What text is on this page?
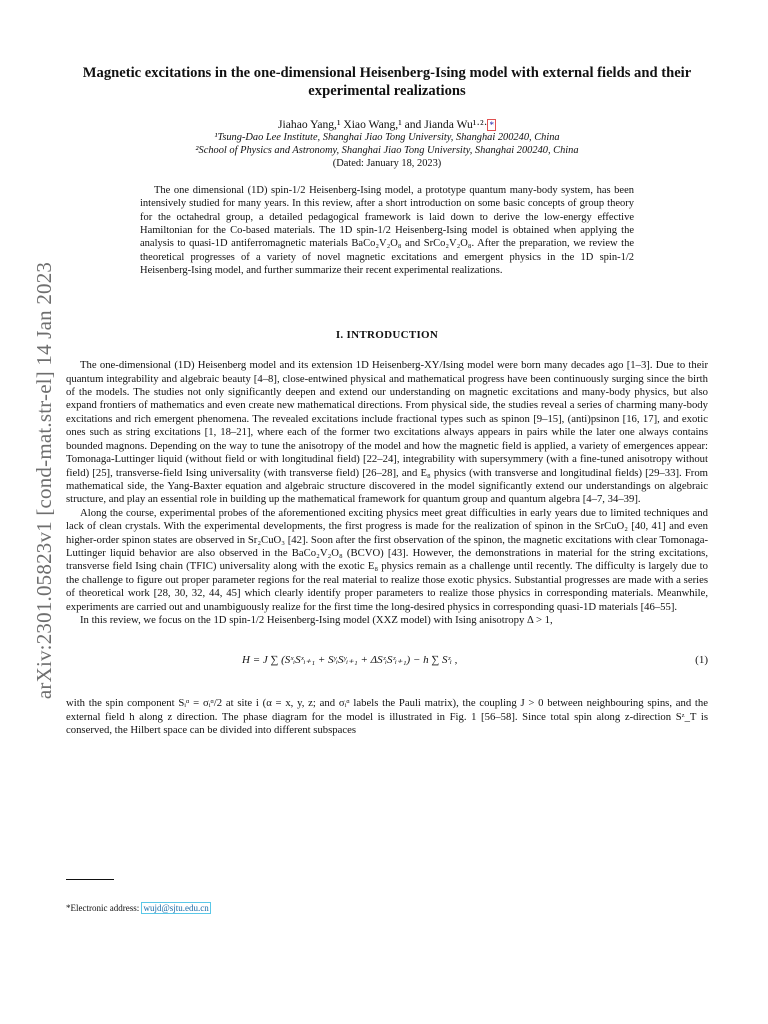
arXiv:2301.05823v1 [cond-mat.str-el] 14 Jan 2023
Magnetic excitations in the one-dimensional Heisenberg-Ising model with external fields and their experimental realizations
Jiahao Yang,¹ Xiao Wang,¹ and Jianda Wu¹·²· *
¹Tsung-Dao Lee Institute, Shanghai Jiao Tong University, Shanghai 200240, China
²School of Physics and Astronomy, Shanghai Jiao Tong University, Shanghai 200240, China
(Dated: January 18, 2023)

The one dimensional (1D) spin-1/2 Heisenberg-Ising model, a prototype quantum many-body system, has been intensively studied for many years. In this review, after a short introduction on some basic concepts of group theory for the octahedral group, a detailed pedagogical framework is laid down to derive the low-energy effective Hamiltonian for the Co-based materials. The 1D spin-1/2 Heisenberg-Ising model is obtained when applying the analysis to quasi-1D antiferromagnetic materials BaCo₂V₂O₈ and SrCo₂V₂O₈. After the preparation, we review the theoretical progresses of a variety of novel magnetic excitations and emergent physics in the 1D spin-1/2 Heisenberg-Ising model, and further summarize their recent experimental realizations.

I. INTRODUCTION

The one-dimensional (1D) Heisenberg model and its extension 1D Heisenberg-XY/Ising model were born many decades ago [1–3]. Due to their quantum integrability and algebraic beauty [4–8], close-entwined physical and mathematical progress have been continuously surging since the birth of the models. The studies not only significantly deepen and extend our understanding on magnetic excitations and many-body physics, but also expand frontiers of mathematics and even create new mathematical directions. From physical side, the studies reveal a series of charming many-body excitations and rich emergent phenomena. The revealed excitations include fractional types such as spinon [9–15], (anti)psinon [16, 17], and exotic ones such as string excitations [1, 18–21], where each of the former two excitations always appears in pairs while the later one always contains bounded magnons. Depending on the way to tune the anisotropy of the model and how the magnetic field is applied, a variety of emergences appear: Tomonaga-Luttinger liquid (without field or with longitudinal field) [22–24], integrability with supersymmery (with a fine-tuned anisotropy without field) [25], transverse-field Ising universality (with transverse field) [26–28], and E₈ physics (with transverse and longitudinal fields) [29–33]. From mathematical side, the Yang-Baxter equation and algebraic structure discovered in the model significantly extend our understandings on algebraic structure, and play an essential role in building up the mathematical framework for quantum group and quantum algebra [4–7, 34–39].

Along the course, experimental probes of the aforementioned exciting physics meet great difficulties in early years due to limited techniques and lack of clean crystals. With the experimental developments, the first progress is made for the realization of spinon in the SrCuO₂ [40, 41] and even higher-order spinon states are observed in Sr₂CuO₃ [42]. Soon after the first observation of the spinon, the magnetic excitations with clear Tomonaga-Luttinger liquid behavior are also observed in the BaCo₂V₂O₈ (BCVO) [43]. However, the demonstrations in material for the string excitations, transverse field Ising chain (TFIC) universality along with the exotic E₈ physics remain as a challenge until recently. The difficulty is largely due to the challenge to figure out proper parameter regions for the real material to realize those exotic physics. Substantial progresses are made with a series of theoretical work [28, 30, 32, 44, 45] which clearly identify proper parameters to realize those physics in corresponding materials. Meanwhile, experiments are carried out and unambiguously realize for the first time the long-desired physics in corresponding quasi-1D materials [46–55].

In this review, we focus on the 1D spin-1/2 Heisenberg-Ising model (XXZ model) with Ising anisotropy Δ > 1,

H = J ∑ (SˣᵢSˣᵢ₊₁ + SʸᵢSʸᵢ₊₁ + ΔSᶻᵢSᶻᵢ₊₁) − h ∑ Sᶻᵢ ,	(1)

with the spin component Sᵢᵅ = σᵢᵅ/2 at site i (α = x, y, z; and σᵢᵅ labels the Pauli matrix), the coupling J > 0 between neighbouring spins, and the external field h along z direction. The phase diagram for the model is illustrated in Fig. 1 [56–58]. Since total spin along z-direction Sᶻ_T is conserved, the Hilbert space can be divided into different subspaces

*Electronic address: wujd@sjtu.edu.cn
